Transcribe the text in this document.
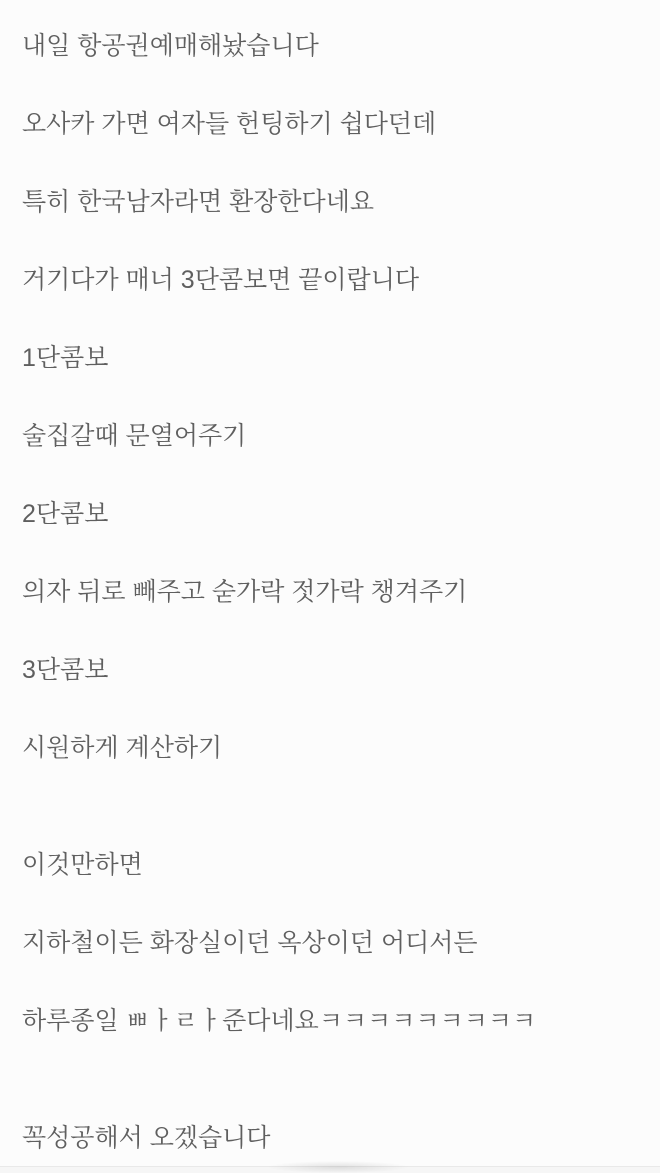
내일 항공권예매해놨습니다
오사카 가면 여자들 헌팅하기 쉽다던데
특히 한국남자라면 환장한다네요
거기다가 매너 3단콤보면 끝이랍니다
1단콤보
술집갈때 문열어주기
2단콤보
의자 뒤로 빼주고 숟가락 젓가락 챙겨주기
3단콤보
시원하게 계산하기
이것만하면
지하철이든 화장실이던 옥상이던 어디서든
하루종일 ㅃㅏㄹㅏ준다네요ㅋㅋㅋㅋㅋㅋㅋㅋㅋ
꼭성공해서 오겠습니다
